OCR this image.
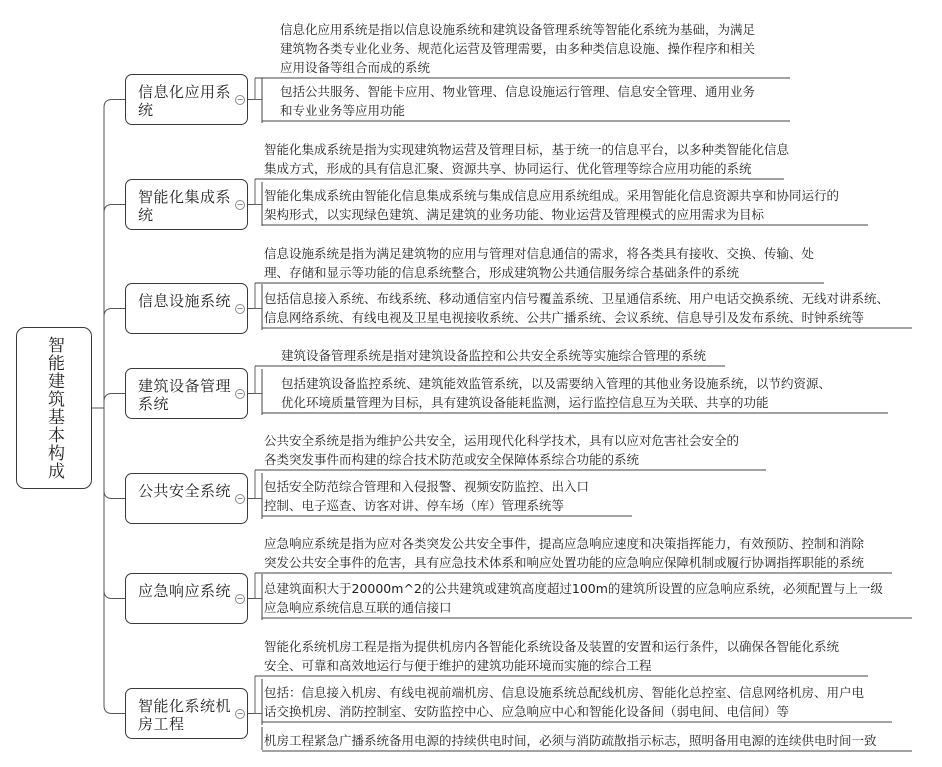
智能建筑基本构成
信息化应用系统
−
信息化应用系统是指以信息设施系统和建筑设备管理系统等智能化系统为基础，为满足
建筑物各类专业化业务、规范化运营及管理需要，由多种类信息设施、操作程序和相关
应用设备等组合而成的系统
包括公共服务、智能卡应用、物业管理、信息设施运行管理、信息安全管理、通用业务
和专业业务等应用功能
智能化集成系统
−
智能化集成系统是指为实现建筑物运营及管理目标，基于统一的信息平台，以多种类智能化信息
集成方式，形成的具有信息汇聚、资源共享、协同运行、优化管理等综合应用功能的系统
智能化集成系统由智能化信息集成系统与集成信息应用系统组成。采用智能化信息资源共享和协同运行的
架构形式，以实现绿色建筑、满足建筑的业务功能、物业运营及管理模式的应用需求为目标
信息设施系统 −
信息设施系统是指为满足建筑物的应用与管理对信息通信的需求，将各类具有接收、交换、传输、处
理、存储和显示等功能的信息系统整合，形成建筑物公共通信服务综合基础条件的系统
包括信息接入系统、布线系统、移动通信室内信号覆盖系统、卫星通信系统、用户电话交换系统、无线对讲系统、
信息网络系统、有线电视及卫星电视接收系统、公共广播系统、会议系统、信息导引及发布系统、时钟系统等
建筑设备管理系统
−
建筑设备管理系统是指对建筑设备监控和公共安全系统等实施综合管理的系统
包括建筑设备监控系统、建筑能效监管系统，以及需要纳入管理的其他业务设施系统，以节约资源、
优化环境质量管理为目标，具有建筑设备能耗监测，运行监控信息互为关联、共享的功能
公共安全系统 −
公共安全系统是指为维护公共安全，运用现代化科学技术，具有以应对危害社会安全的
各类突发事件而构建的综合技术防范或安全保障体系综合功能的系统
包括安全防范综合管理和入侵报警、视频安防监控、出入口
控制、电子巡查、访客对讲、停车场（库）管理系统等
应急响应系统 −
应急响应系统是指为应对各类突发公共安全事件，提高应急响应速度和决策指挥能力，有效预防、控制和消除
突发公共安全事件的危害，具有应急技术体系和响应处置功能的应急响应保障机制或履行协调指挥职能的系统
总建筑面积大于20000m^2的公共建筑或建筑高度超过100m的建筑所设置的应急响应系统，必须配置与上一级
应急响应系统信息互联的通信接口
智能化系统机房工程
−
智能化系统机房工程是指为提供机房内各智能化系统设备及装置的安置和运行条件，以确保各智能化系统
安全、可靠和高效地运行与便于维护的建筑功能环境而实施的综合工程
包括：信息接入机房、有线电视前端机房、信息设施系统总配线机房、智能化总控室、信息网络机房、用户电
话交换机房、消防控制室、安防监控中心、应急响应中心和智能化设备间（弱电间、电信间）等
机房工程紧急广播系统备用电源的持续供电时间，必须与消防疏散指示标志，照明备用电源的连续供电时间一致
